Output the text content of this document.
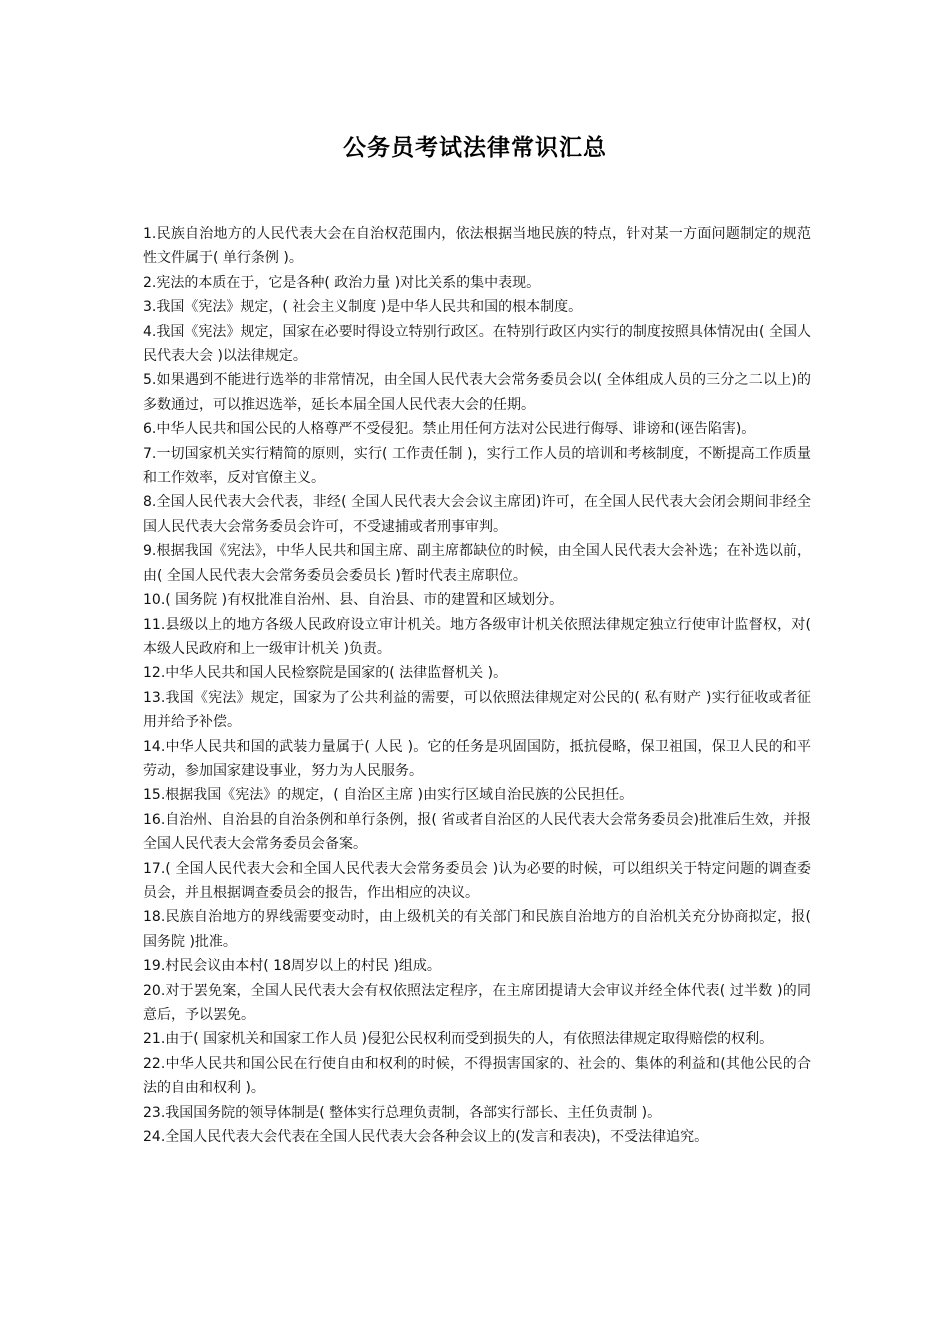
公务员考试法律常识汇总

1.民族自治地方的人民代表大会在自治权范围内，依法根据当地民族的特点，针对某一方面问题制定的规范性文件属于( 单行条例 )。

2.宪法的本质在于，它是各种( 政治力量 )对比关系的集中表现。

3.我国《宪法》规定，( 社会主义制度 )是中华人民共和国的根本制度。

4.我国《宪法》规定，国家在必要时得设立特别行政区。在特别行政区内实行的制度按照具体情况由( 全国人民代表大会 )以法律规定。

5.如果遇到不能进行选举的非常情况，由全国人民代表大会常务委员会以( 全体组成人员的三分之二以上)的多数通过，可以推迟选举，延长本届全国人民代表大会的任期。

6.中华人民共和国公民的人格尊严不受侵犯。禁止用任何方法对公民进行侮辱、诽谤和(诬告陷害)。

7.一切国家机关实行精简的原则，实行( 工作责任制 )，实行工作人员的培训和考核制度，不断提高工作质量和工作效率，反对官僚主义。

8.全国人民代表大会代表，非经( 全国人民代表大会会议主席团)许可，在全国人民代表大会闭会期间非经全国人民代表大会常务委员会许可，不受逮捕或者刑事审判。

9.根据我国《宪法》，中华人民共和国主席、副主席都缺位的时候，由全国人民代表大会补选；在补选以前，由( 全国人民代表大会常务委员会委员长 )暂时代表主席职位。

10.( 国务院 )有权批准自治州、县、自治县、市的建置和区域划分。

11.县级以上的地方各级人民政府设立审计机关。地方各级审计机关依照法律规定独立行使审计监督权，对( 本级人民政府和上一级审计机关 )负责。

12.中华人民共和国人民检察院是国家的( 法律监督机关 )。

13.我国《宪法》规定，国家为了公共利益的需要，可以依照法律规定对公民的( 私有财产 )实行征收或者征用并给予补偿。

14.中华人民共和国的武装力量属于( 人民 )。它的任务是巩固国防，抵抗侵略，保卫祖国，保卫人民的和平劳动，参加国家建设事业，努力为人民服务。

15.根据我国《宪法》的规定，( 自治区主席 )由实行区域自治民族的公民担任。

16.自治州、自治县的自治条例和单行条例，报( 省或者自治区的人民代表大会常务委员会)批准后生效，并报全国人民代表大会常务委员会备案。

17.( 全国人民代表大会和全国人民代表大会常务委员会 )认为必要的时候，可以组织关于特定问题的调查委员会，并且根据调查委员会的报告，作出相应的决议。

18.民族自治地方的界线需要变动时，由上级机关的有关部门和民族自治地方的自治机关充分协商拟定，报( 国务院 )批准。

19.村民会议由本村( 18周岁以上的村民 )组成。

20.对于罢免案，全国人民代表大会有权依照法定程序，在主席团提请大会审议并经全体代表( 过半数 )的同意后，予以罢免。

21.由于( 国家机关和国家工作人员 )侵犯公民权利而受到损失的人，有依照法律规定取得赔偿的权利。

22.中华人民共和国公民在行使自由和权利的时候，不得损害国家的、社会的、集体的利益和(其他公民的合法的自由和权利 )。

23.我国国务院的领导体制是( 整体实行总理负责制，各部实行部长、主任负责制 )。

24.全国人民代表大会代表在全国人民代表大会各种会议上的(发言和表决)，不受法律追究。
